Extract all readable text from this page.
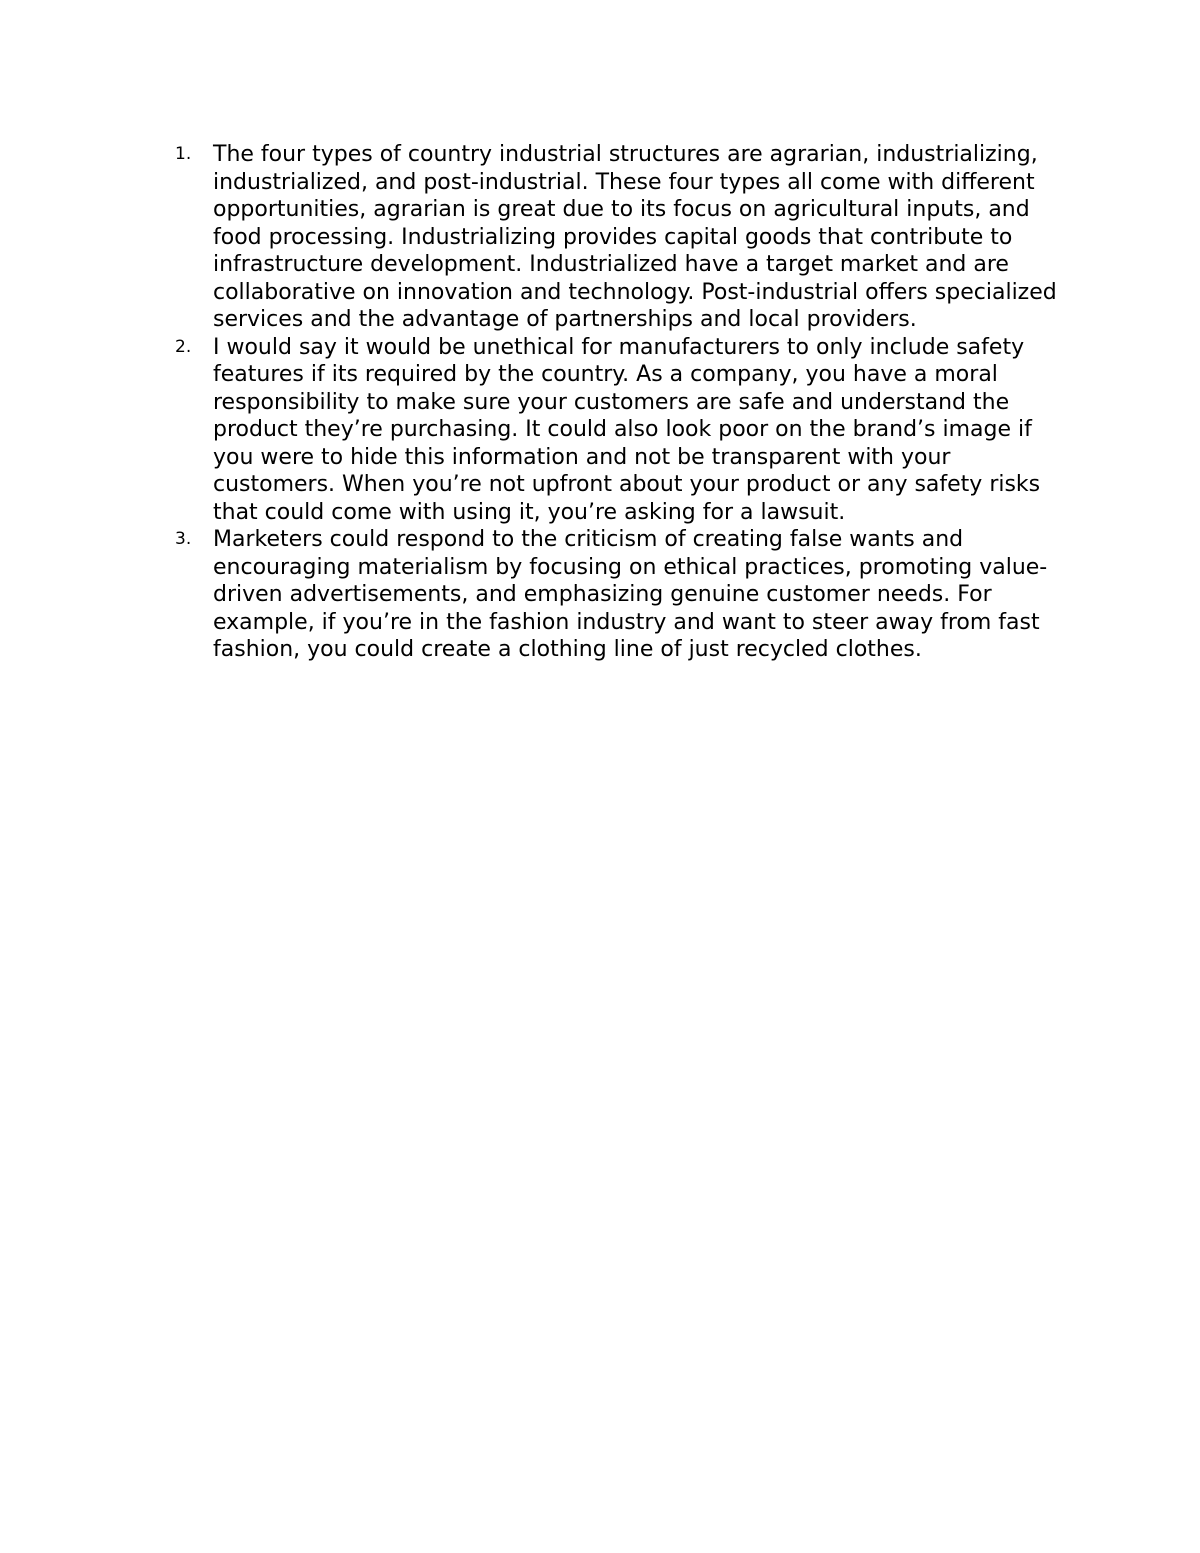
1. The four types of country industrial structures are agrarian, industrializing, industrialized, and post-industrial. These four types all come with different opportunities, agrarian is great due to its focus on agricultural inputs, and food processing. Industrializing provides capital goods that contribute to infrastructure development. Industrialized have a target market and are collaborative on innovation and technology. Post-industrial offers specialized services and the advantage of partnerships and local providers.
2. I would say it would be unethical for manufacturers to only include safety features if its required by the country. As a company, you have a moral responsibility to make sure your customers are safe and understand the product they’re purchasing. It could also look poor on the brand’s image if you were to hide this information and not be transparent with your customers. When you’re not upfront about your product or any safety risks that could come with using it, you’re asking for a lawsuit.
3. Marketers could respond to the criticism of creating false wants and encouraging materialism by focusing on ethical practices, promoting value-driven advertisements, and emphasizing genuine customer needs. For example, if you’re in the fashion industry and want to steer away from fast fashion, you could create a clothing line of just recycled clothes.
